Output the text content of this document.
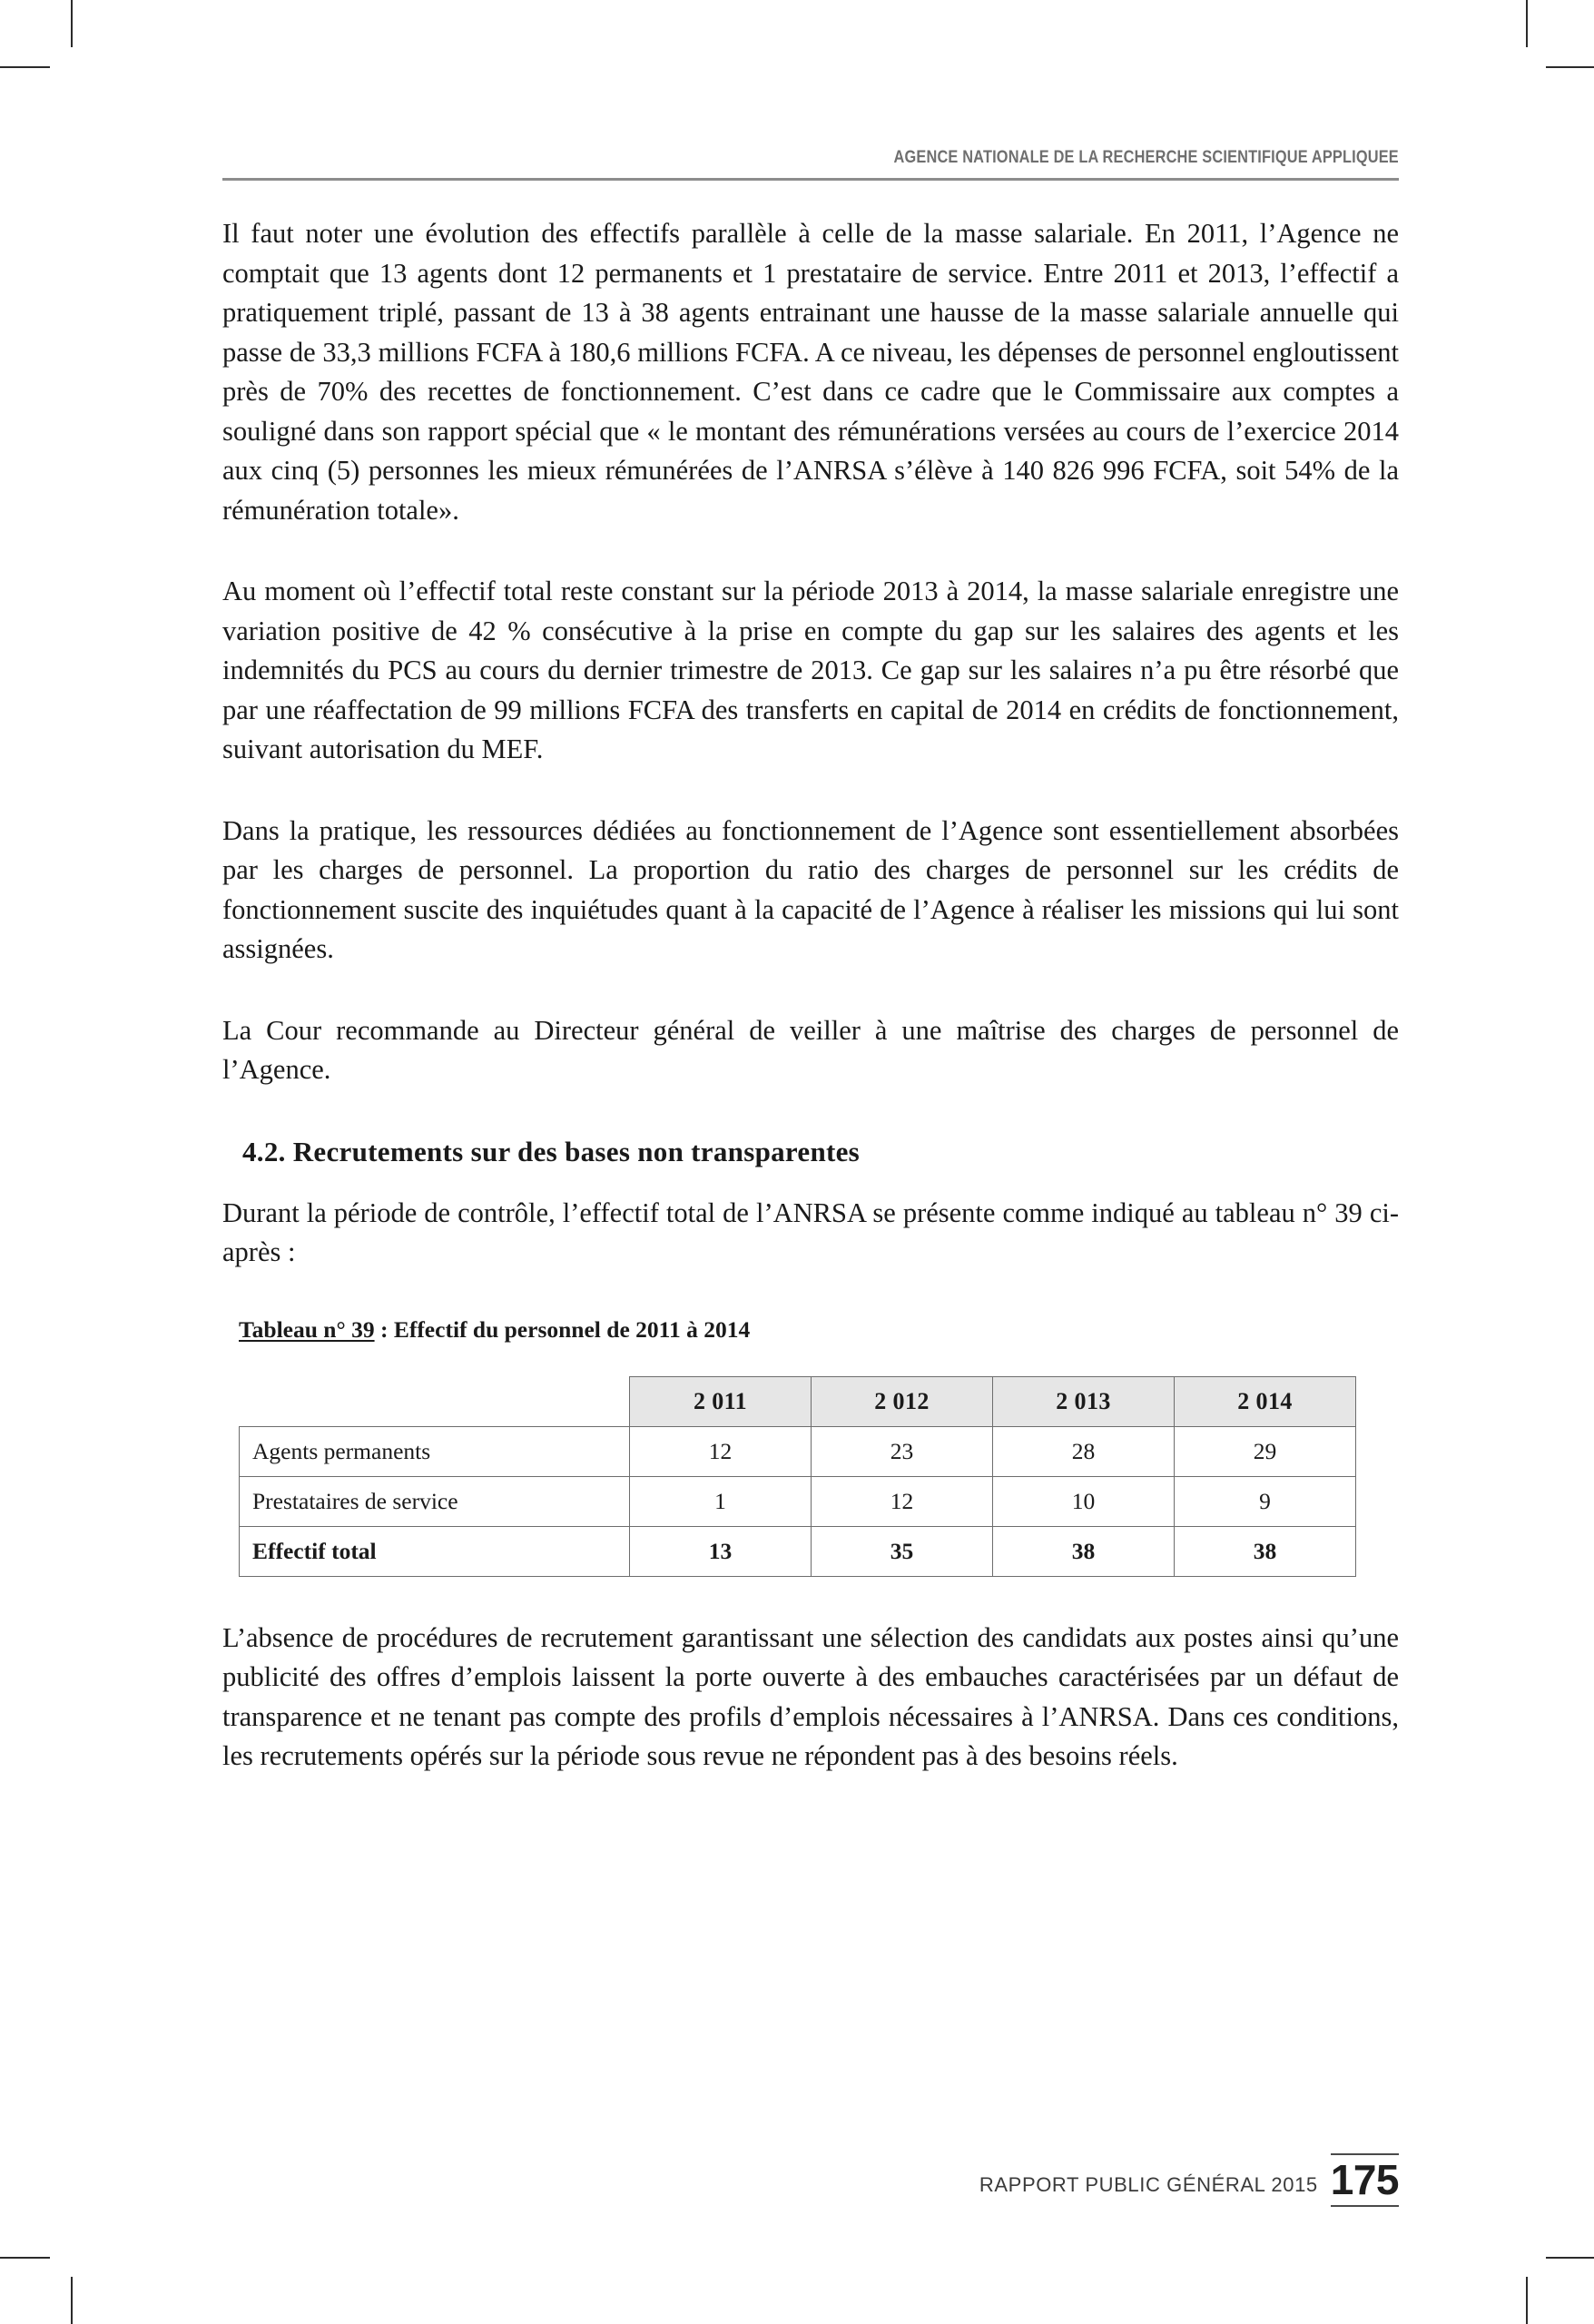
AGENCE NATIONALE DE LA RECHERCHE SCIENTIFIQUE APPLIQUEE

Il faut noter une évolution des effectifs parallèle à celle de la masse salariale. En 2011, l’Agence ne comptait que 13 agents dont 12 permanents et 1 prestataire de service. Entre 2011 et 2013, l’effectif a pratiquement triplé, passant de 13 à 38 agents entrainant une hausse de la masse salariale annuelle qui passe de 33,3 millions FCFA à 180,6 millions FCFA. A ce niveau, les dépenses de personnel engloutissent près de 70% des recettes de fonctionnement. C’est dans ce cadre que le Commissaire aux comptes a souligné dans son rapport spécial que « le montant des rémunérations versées au cours de l’exercice 2014 aux cinq (5) personnes les mieux rémunérées de l’ANRSA s’élève à 140 826 996 FCFA, soit 54% de la rémunération totale».

Au moment où l’effectif total reste constant sur la période 2013 à 2014, la masse salariale enregistre une variation positive de 42 % consécutive à la prise en compte du gap sur les salaires des agents et les indemnités du PCS au cours du dernier trimestre de 2013. Ce gap sur les salaires n’a pu être résorbé que par une réaffectation de 99 millions FCFA des transferts en capital de 2014 en crédits de fonctionnement, suivant autorisation du MEF.

Dans la pratique, les ressources dédiées au fonctionnement de l’Agence sont essentiellement absorbées par les charges de personnel. La proportion du ratio des charges de personnel sur les crédits de fonctionnement suscite des inquiétudes quant à la capacité de l’Agence à réaliser les missions qui lui sont assignées.

La Cour recommande au Directeur général de veiller à une maîtrise des charges de personnel de l’Agence.

4.2. Recrutements sur des bases non transparentes

Durant la période de contrôle, l’effectif total de l’ANRSA se présente comme indiqué au tableau n° 39 ci-après :

Tableau n° 39 : Effectif du personnel de 2011 à 2014

	2 011	2 012	2 013	2 014
Agents permanents	12	23	28	29
Prestataires de service	1	12	10	9
Effectif total	13	35	38	38

L’absence de procédures de recrutement garantissant une sélection des candidats aux postes ainsi qu’une publicité des offres d’emplois laissent la porte ouverte à des embauches caractérisées par un défaut de transparence et ne tenant pas compte des profils d’emplois nécessaires à l’ANRSA. Dans ces conditions, les recrutements opérés sur la période sous revue ne répondent pas à des besoins réels.

RAPPORT PUBLIC GÉNÉRAL 2015 175
